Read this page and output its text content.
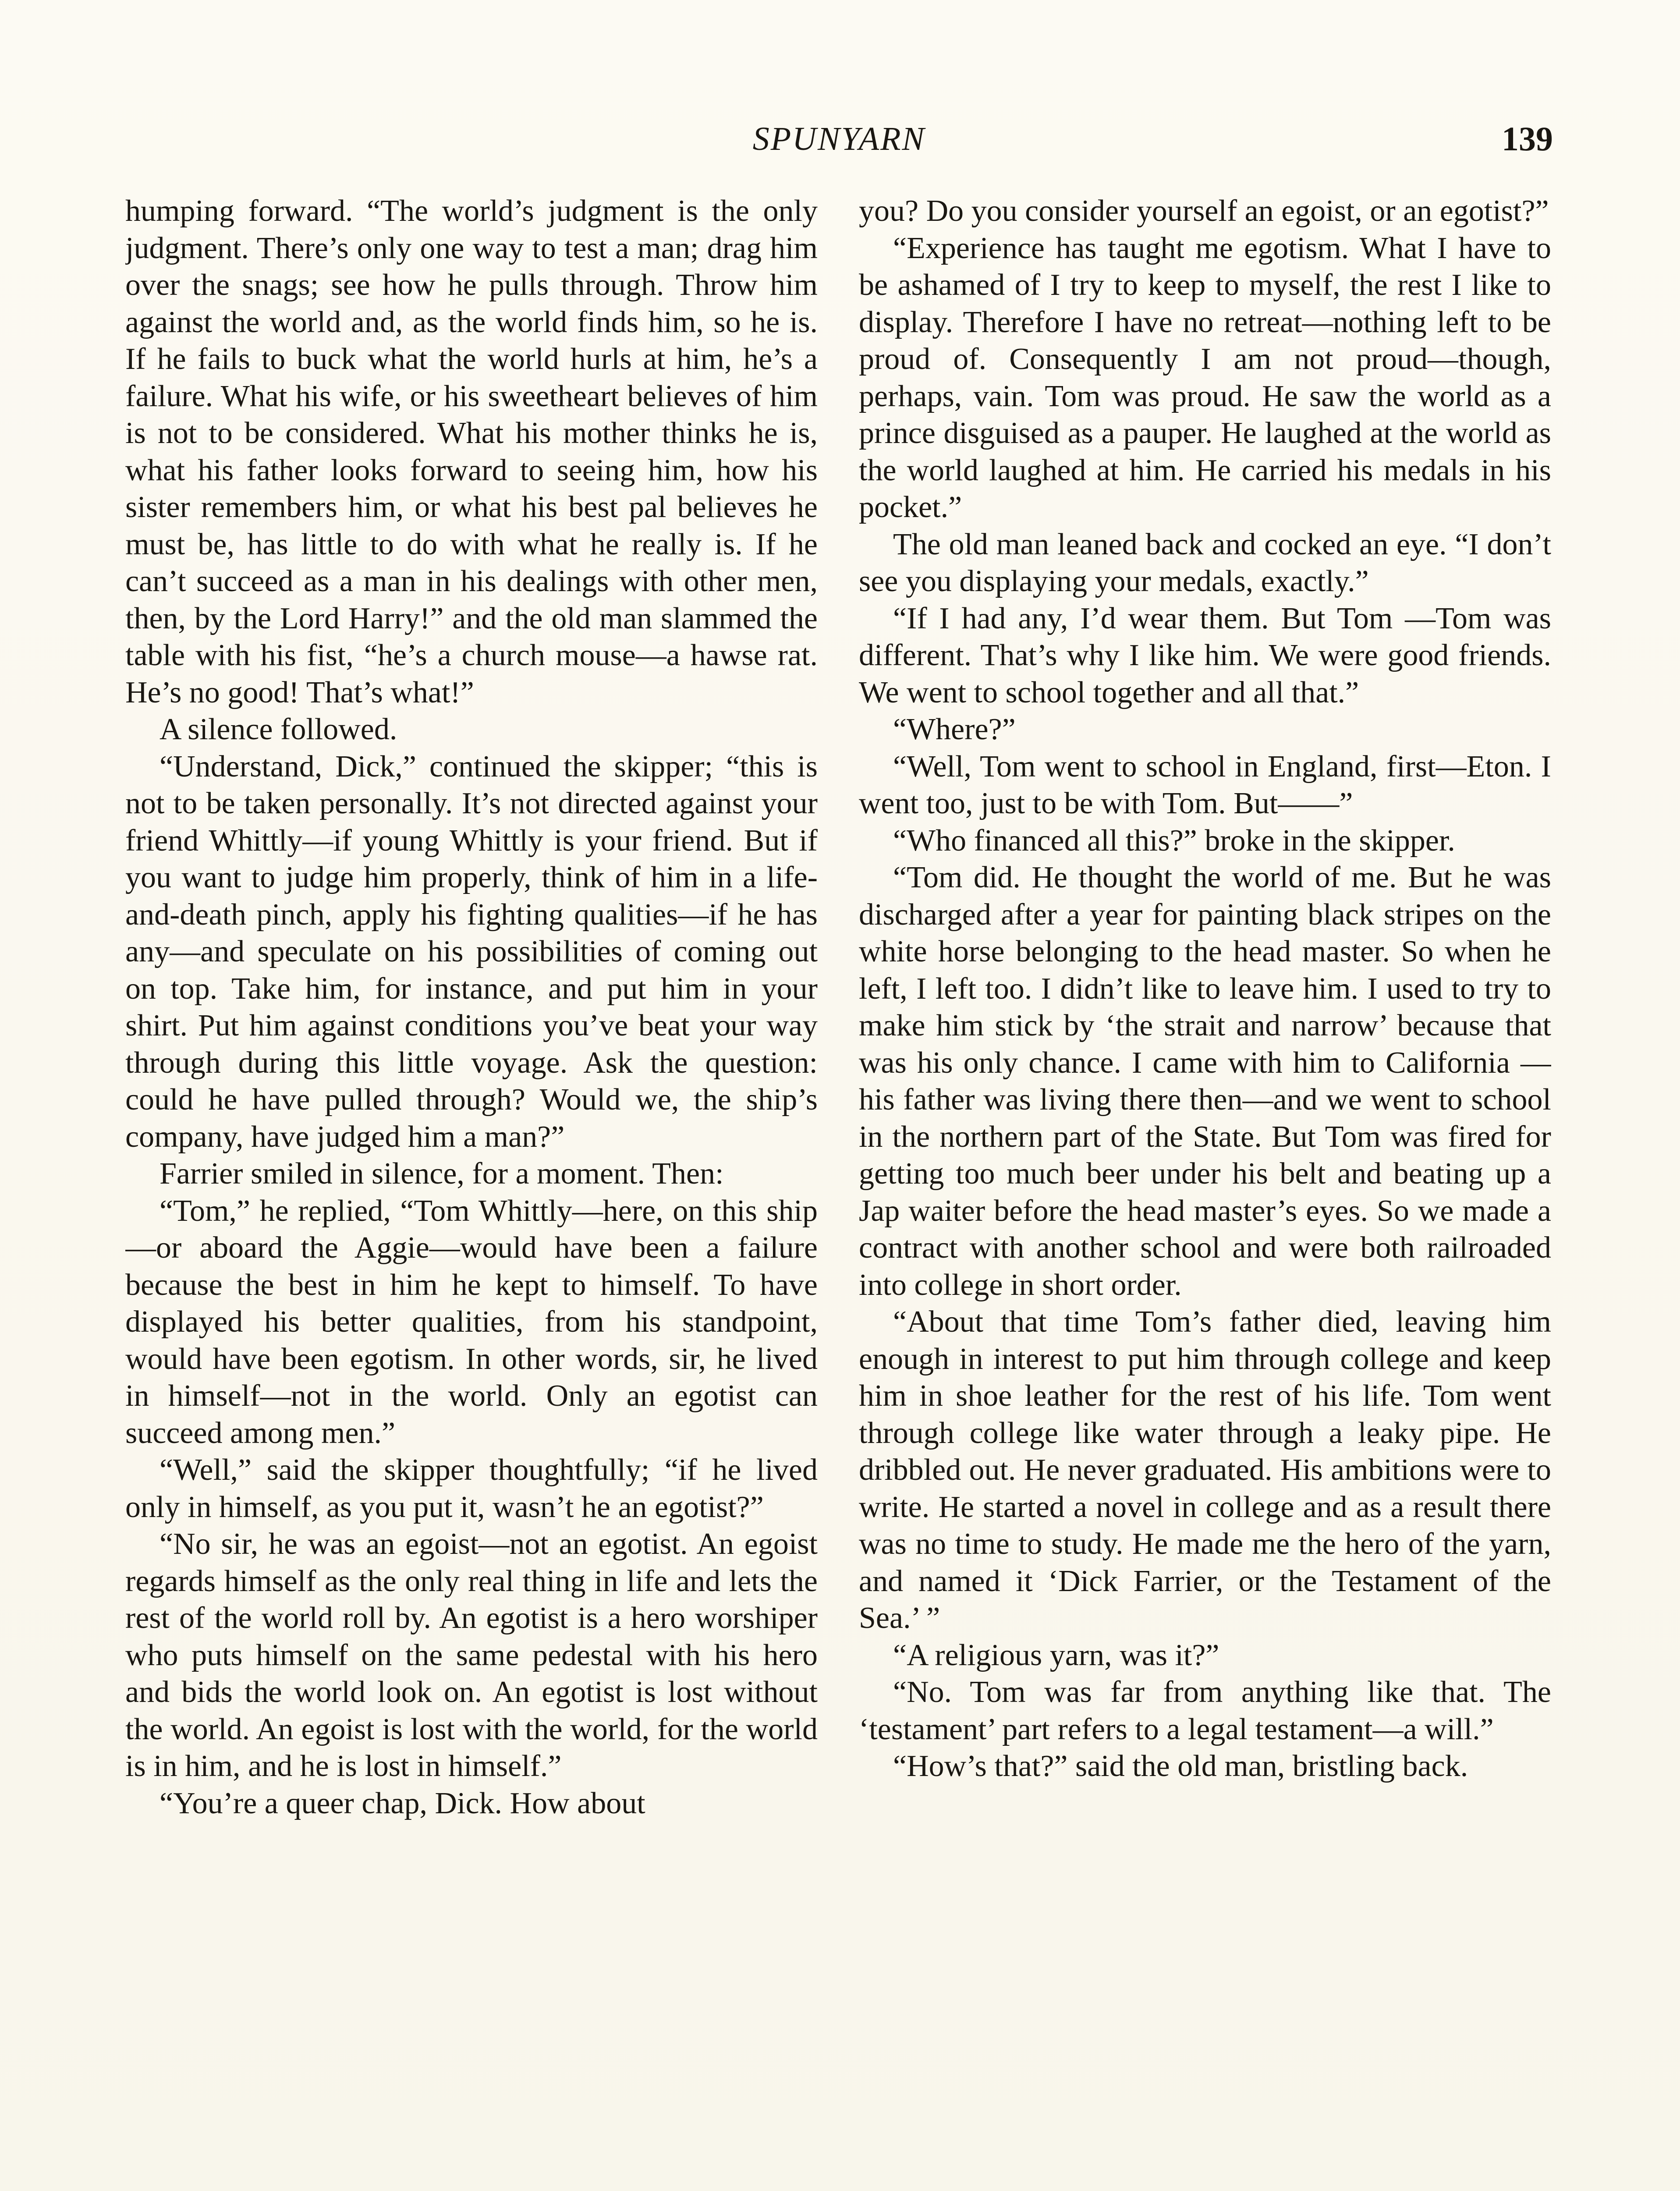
SPUNYARN	139

humping forward. “The world’s judgment is the only judgment. There’s only one way to test a man; drag him over the snags; see how he pulls through. Throw him against the world and, as the world finds him, so he is. If he fails to buck what the world hurls at him, he’s a failure. What his wife, or his sweetheart believes of him is not to be considered. What his mother thinks he is, what his father looks forward to seeing him, how his sister remembers him, or what his best pal believes he must be, has little to do with what he really is. If he can’t succeed as a man in his dealings with other men, then, by the Lord Harry!” and the old man slammed the table with his fist, “he’s a church mouse—a hawse rat. He’s no good! That’s what!”

A silence followed.

“Understand, Dick,” continued the skipper; “this is not to be taken personally. It’s not directed against your friend Whittly—if young Whittly is your friend. But if you want to judge him properly, think of him in a life-and-death pinch, apply his fighting qualities—if he has any—and speculate on his possibilities of coming out on top. Take him, for instance, and put him in your shirt. Put him against conditions you’ve beat your way through during this little voyage. Ask the question: could he have pulled through? Would we, the ship’s company, have judged him a man?”

Farrier smiled in silence, for a moment. Then:

“Tom,” he replied, “Tom Whittly—here, on this ship—or aboard the Aggie—would have been a failure because the best in him he kept to himself. To have displayed his better qualities, from his standpoint, would have been egotism. In other words, sir, he lived in himself—not in the world. Only an egotist can succeed among men.”

“Well,” said the skipper thoughtfully; “if he lived only in himself, as you put it, wasn’t he an egotist?”

“No sir, he was an egoist—not an egotist. An egoist regards himself as the only real thing in life and lets the rest of the world roll by. An egotist is a hero worshiper who puts himself on the same pedestal with his hero and bids the world look on. An egotist is lost without the world. An egoist is lost with the world, for the world is in him, and he is lost in himself.”

“You’re a queer chap, Dick. How about

you? Do you consider yourself an egoist, or an egotist?”

“Experience has taught me egotism. What I have to be ashamed of I try to keep to myself, the rest I like to display. Therefore I have no retreat—nothing left to be proud of. Consequently I am not proud—though, perhaps, vain. Tom was proud. He saw the world as a prince disguised as a pauper. He laughed at the world as the world laughed at him. He carried his medals in his pocket.”

The old man leaned back and cocked an eye. “I don’t see you displaying your medals, exactly.”

“If I had any, I’d wear them. But Tom —Tom was different. That’s why I like him. We were good friends. We went to school together and all that.”

“Where?”

“Well, Tom went to school in England, first—Eton. I went too, just to be with Tom. But——”

“Who financed all this?” broke in the skipper.

“Tom did. He thought the world of me. But he was discharged after a year for painting black stripes on the white horse belonging to the head master. So when he left, I left too. I didn’t like to leave him. I used to try to make him stick by ‘the strait and narrow’ because that was his only chance. I came with him to California —his father was living there then—and we went to school in the northern part of the State. But Tom was fired for getting too much beer under his belt and beating up a Jap waiter before the head master’s eyes. So we made a contract with another school and were both railroaded into college in short order.

“About that time Tom’s father died, leaving him enough in interest to put him through college and keep him in shoe leather for the rest of his life. Tom went through college like water through a leaky pipe. He dribbled out. He never graduated. His ambitions were to write. He started a novel in college and as a result there was no time to study. He made me the hero of the yarn, and named it ‘Dick Farrier, or the Testament of the Sea.’ ”

“A religious yarn, was it?”

“No. Tom was far from anything like that. The ‘testament’ part refers to a legal testament—a will.”

“How’s that?” said the old man, bristling back.
